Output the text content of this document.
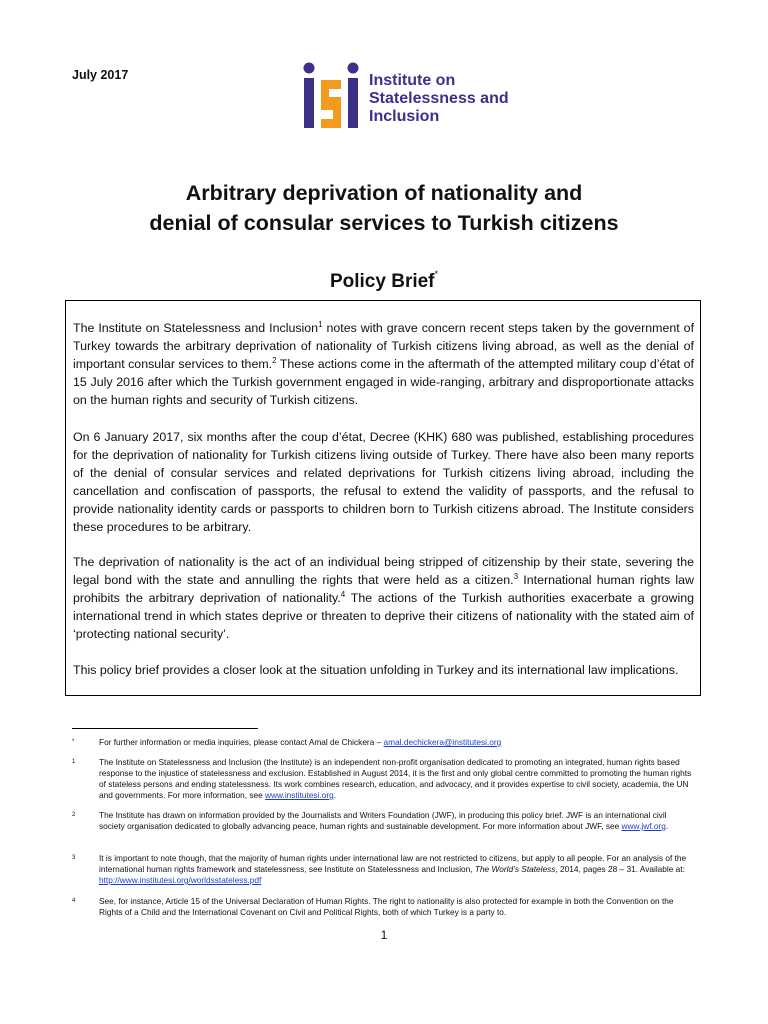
July 2017	Institute on
Statelessness and
Inclusion
Arbitrary deprivation of nationality and
denial of consular services to Turkish citizens
Policy Brief*

The Institute on Statelessness and Inclusion$^1$ notes with grave concern recent steps taken by the government of Turkey towards the arbitrary deprivation of nationality of Turkish citizens living abroad, as well as the denial of important consular services to them.$^2$ These actions come in the aftermath of the attempted military coup d’état of 15 July 2016 after which the Turkish government engaged in wide-ranging, arbitrary and disproportionate attacks on the human rights and security of Turkish citizens.

On 6 January 2017, six months after the coup d’état, Decree (KHK) 680 was published, establishing procedures for the deprivation of nationality for Turkish citizens living outside of Turkey. There have also been many reports of the denial of consular services and related deprivations for Turkish citizens living abroad, including the cancellation and confiscation of passports, the refusal to extend the validity of passports, and the refusal to provide nationality identity cards or passports to children born to Turkish citizens abroad. The Institute considers these procedures to be arbitrary.

The deprivation of nationality is the act of an individual being stripped of citizenship by their state, severing the legal bond with the state and annulling the rights that were held as a citizen.$^3$ International human rights law prohibits the arbitrary deprivation of nationality.$^4$ The actions of the Turkish authorities exacerbate a growing international trend in which states deprive or threaten to deprive their citizens of nationality with the stated aim of ‘protecting national security’.

This policy brief provides a closer look at the situation unfolding in Turkey and its international law implications.

*	For further information or media inquiries, please contact Amal de Chickera – amal.dechickera@institutesi.org
1	The Institute on Statelessness and Inclusion (the Institute) is an independent non-profit organisation dedicated to promoting an integrated, human rights based response to the injustice of statelessness and exclusion. Established in August 2014, it is the first and only global centre committed to promoting the human rights of stateless persons and ending statelessness. Its work combines research, education, and advocacy, and it provides expertise to civil society, academia, the UN and governments. For more information, see www.institutesi.org.
2	The Institute has drawn on information provided by the Journalists and Writers Foundation (JWF), in producing this policy brief. JWF is an international civil society organisation dedicated to globally advancing peace, human rights and sustainable development. For more information about JWF, see www.jwf.org.
3	It is important to note though, that the majority of human rights under international law are not restricted to citizens, but apply to all people. For an analysis of the international human rights framework and statelessness, see Institute on Statelessness and Inclusion, The World’s Stateless, 2014, pages 28 – 31. Available at: http://www.institutesi.org/worldsstateless.pdf
4	See, for instance, Article 15 of the Universal Declaration of Human Rights. The right to nationality is also protected for example in both the Convention on the Rights of a Child and the International Covenant on Civil and Political Rights, both of which Turkey is a party to.
1
